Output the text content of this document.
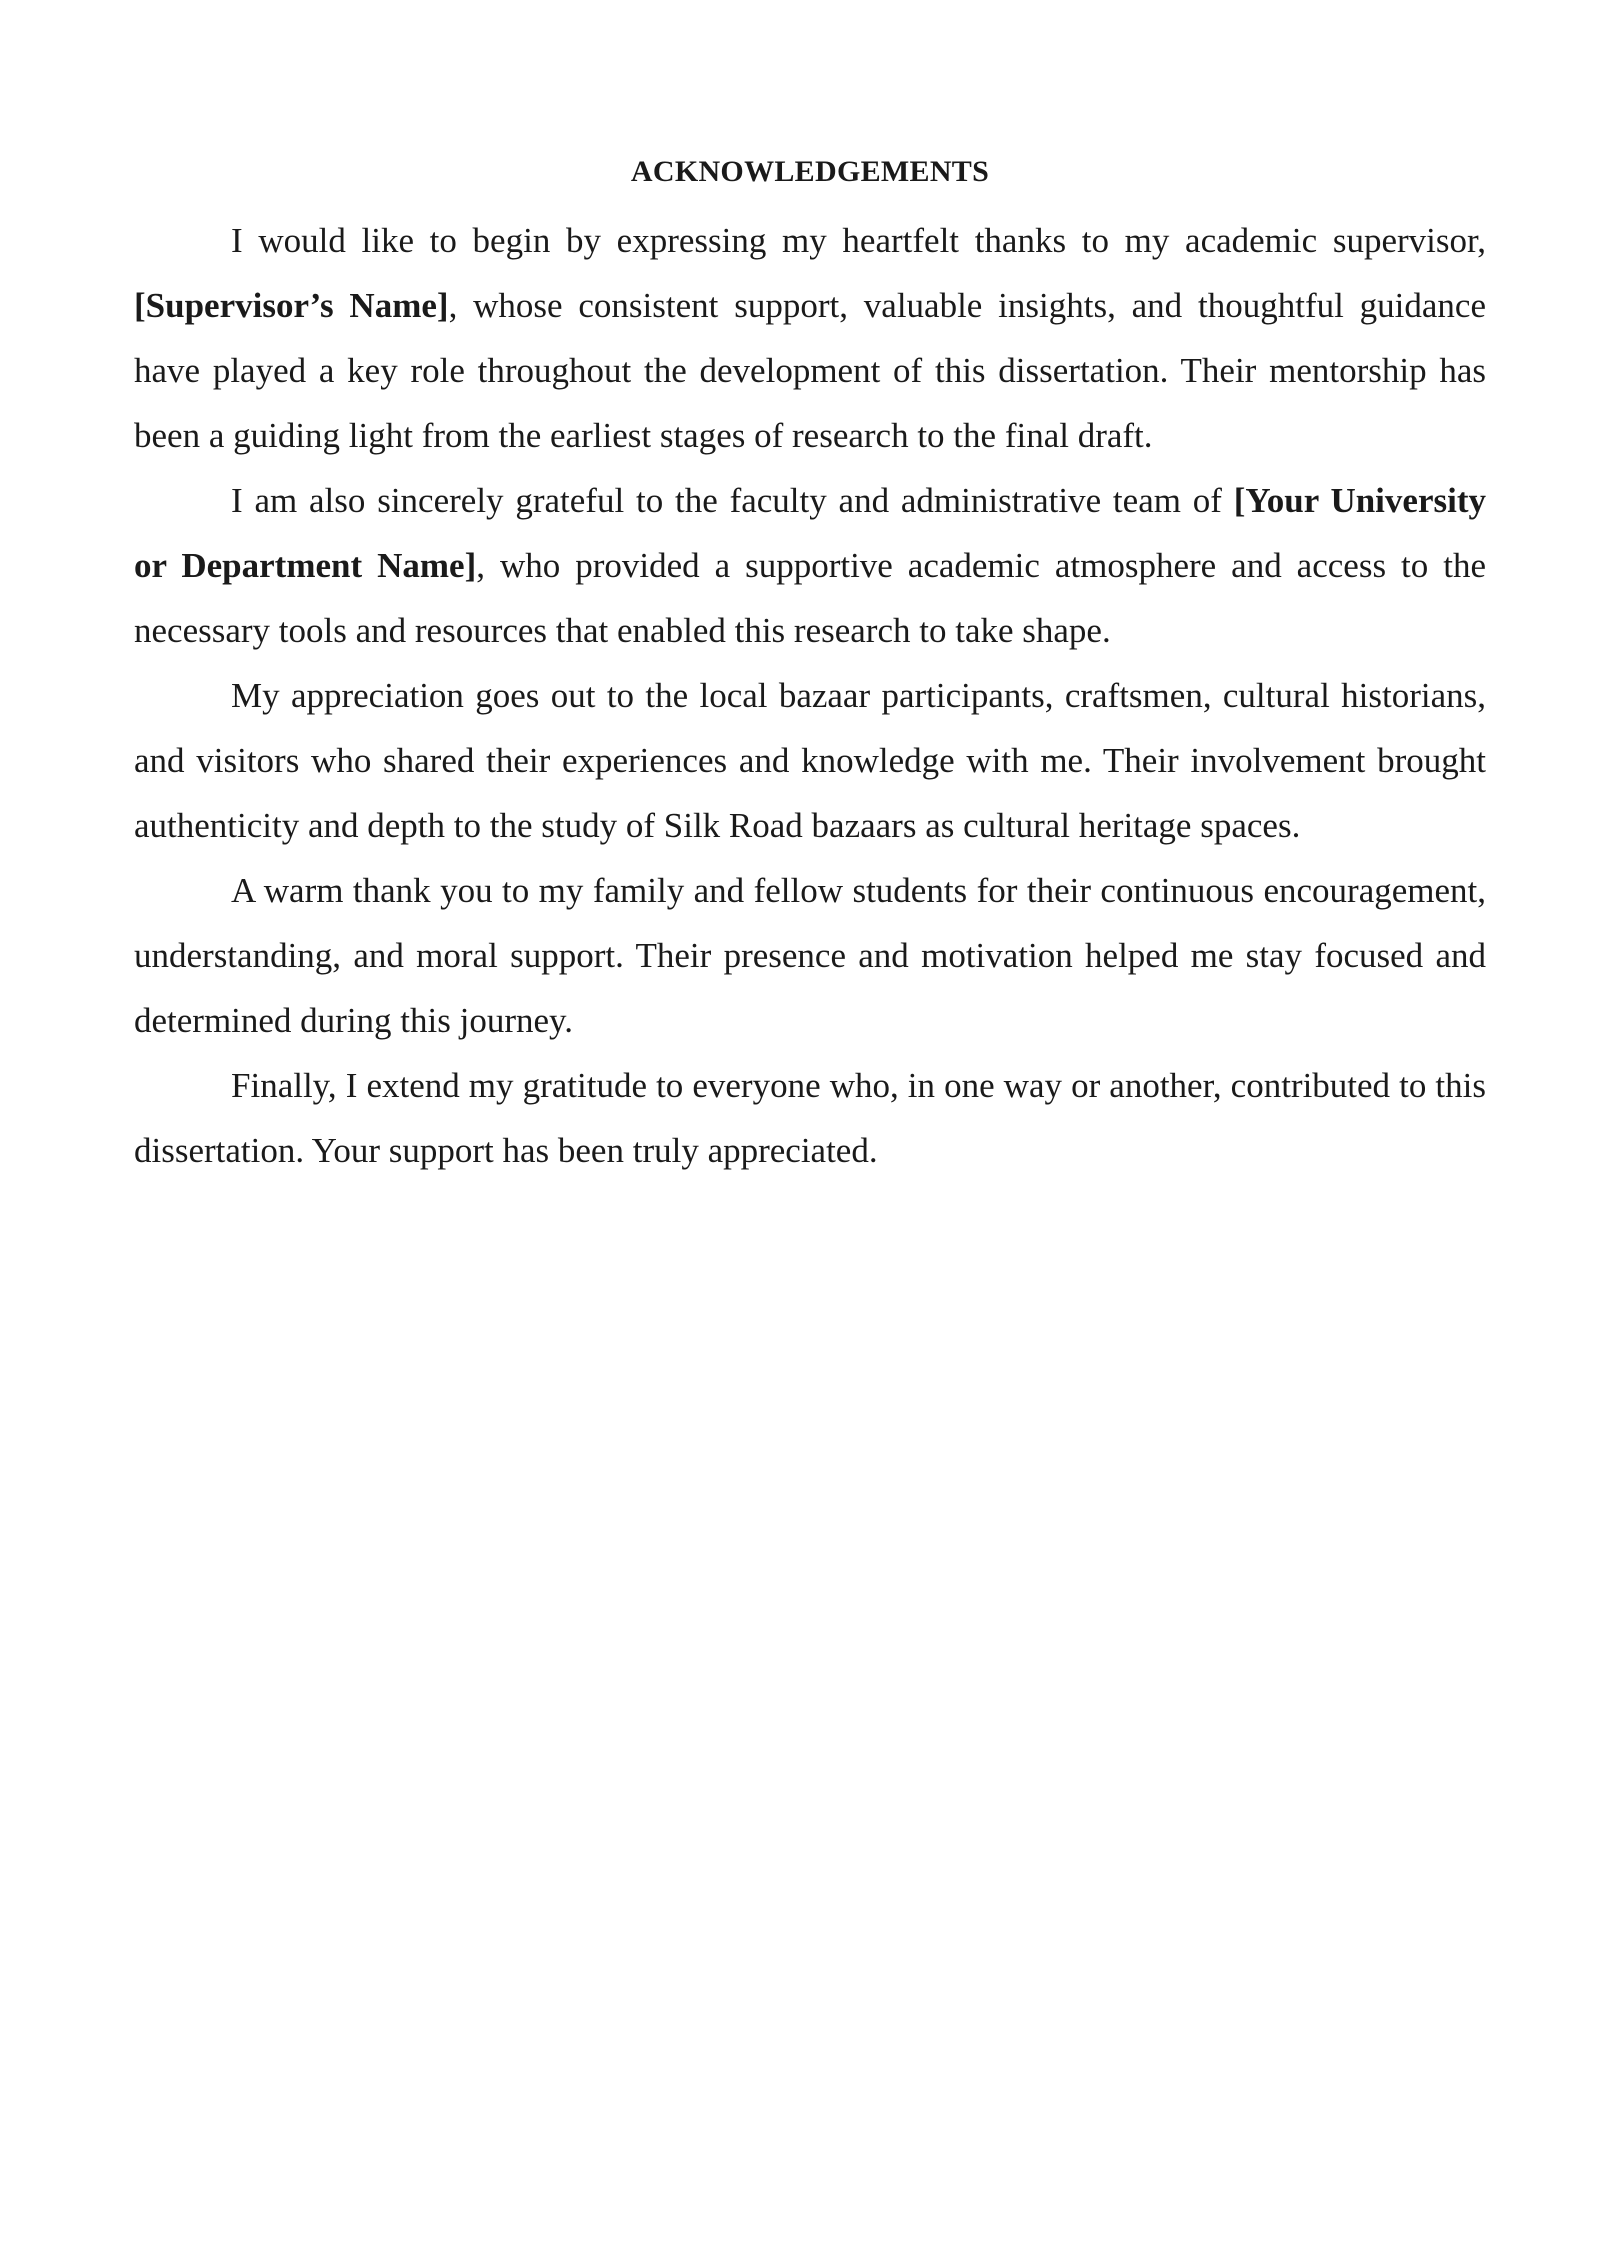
ACKNOWLEDGEMENTS

I would like to begin by expressing my heartfelt thanks to my academic supervisor, [Supervisor’s Name], whose consistent support, valuable insights, and thoughtful guidance have played a key role throughout the development of this dissertation. Their mentorship has been a guiding light from the earliest stages of research to the final draft.

I am also sincerely grateful to the faculty and administrative team of [Your University or Department Name], who provided a supportive academic atmosphere and access to the necessary tools and resources that enabled this research to take shape.

My appreciation goes out to the local bazaar participants, craftsmen, cultural historians, and visitors who shared their experiences and knowledge with me. Their involvement brought authenticity and depth to the study of Silk Road bazaars as cultural heritage spaces.

A warm thank you to my family and fellow students for their continuous encouragement, understanding, and moral support. Their presence and motivation helped me stay focused and determined during this journey.

Finally, I extend my gratitude to everyone who, in one way or another, contributed to this dissertation. Your support has been truly appreciated.
